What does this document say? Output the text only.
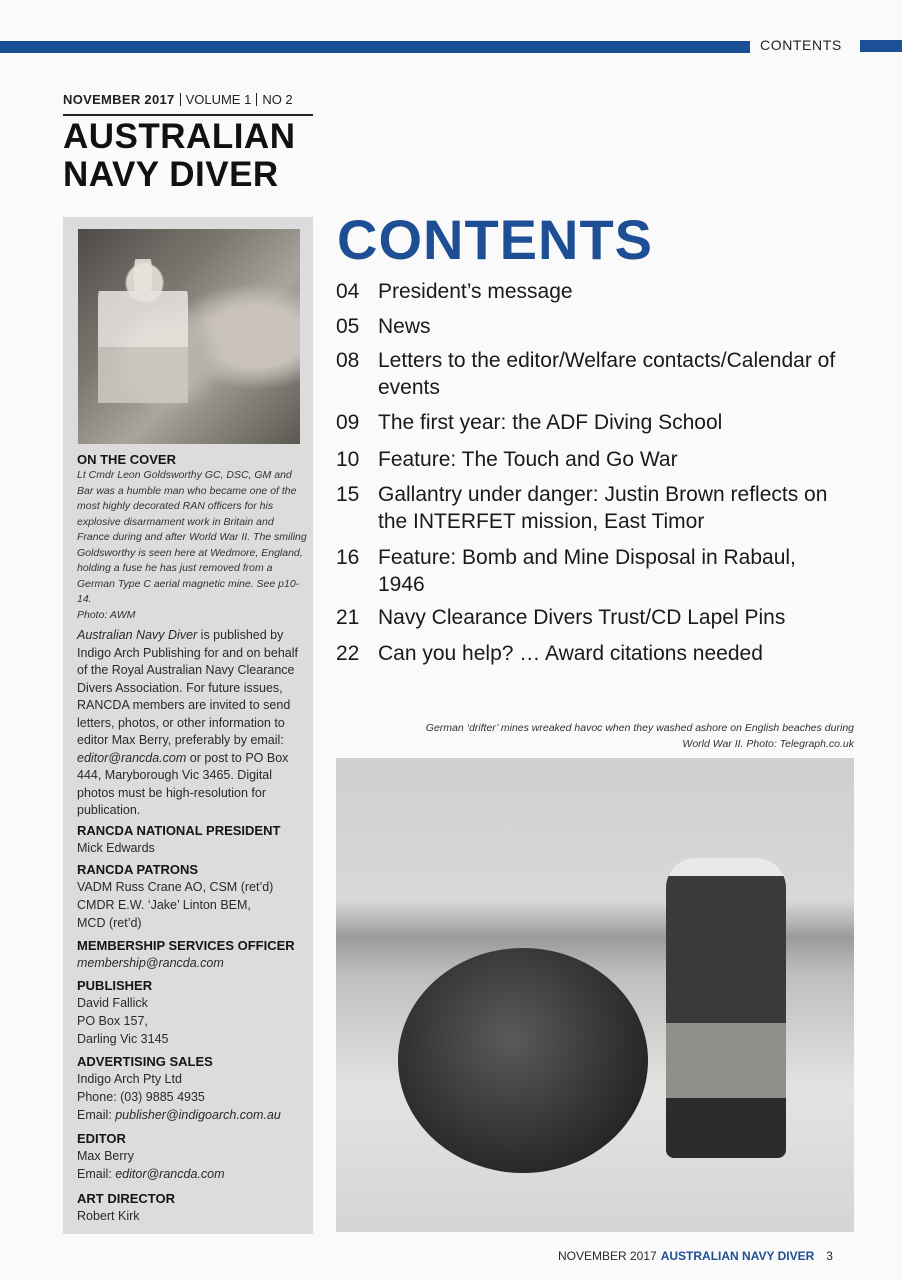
CONTENTS
NOVEMBER 2017 VOLUME 1 NO 2
AUSTRALIAN
NAVY DIVER
ON THE COVER
Lt Cmdr Leon Goldsworthy GC, DSC, GM and Bar was a humble man who became one of the most highly decorated RAN officers for his explosive disarmament work in Britain and France during and after World War II. The smiling Goldsworthy is seen here at Wedmore, England, holding a fuse he has just removed from a German Type C aerial magnetic mine. See p10-14.
Photo: AWM
Australian Navy Diver is published by Indigo Arch Publishing for and on behalf of the Royal Australian Navy Clearance Divers Association. For future issues, RANCDA members are invited to send letters, photos, or other information to editor Max Berry, preferably by email: editor@rancda.com or post to PO Box 444, Maryborough Vic 3465. Digital photos must be high-resolution for publication.
RANCDA NATIONAL PRESIDENT
Mick Edwards
RANCDA PATRONS
VADM Russ Crane AO, CSM (ret’d)
CMDR E.W. ‘Jake’ Linton BEM,
MCD (ret’d)
MEMBERSHIP SERVICES OFFICER
membership@rancda.com
PUBLISHER
David Fallick
PO Box 157,
Darling Vic 3145
ADVERTISING SALES
Indigo Arch Pty Ltd
Phone: (03) 9885 4935
Email: publisher@indigoarch.com.au
EDITOR
Max Berry
Email: editor@rancda.com
ART DIRECTOR
Robert Kirk
CONTENTS
04 President’s message
05 News
08 Letters to the editor/Welfare contacts/Calendar of events
09 The first year: the ADF Diving School
10 Feature: The Touch and Go War
15 Gallantry under danger: Justin Brown reflects on the INTERFET mission, East Timor
16 Feature: Bomb and Mine Disposal in Rabaul, 1946
21 Navy Clearance Divers Trust/CD Lapel Pins
22 Can you help? … Award citations needed
German ‘drifter’ mines wreaked havoc when they washed ashore on English beaches during
World War II. Photo: Telegraph.co.uk
NOVEMBER 2017 AUSTRALIAN NAVY DIVER 3
